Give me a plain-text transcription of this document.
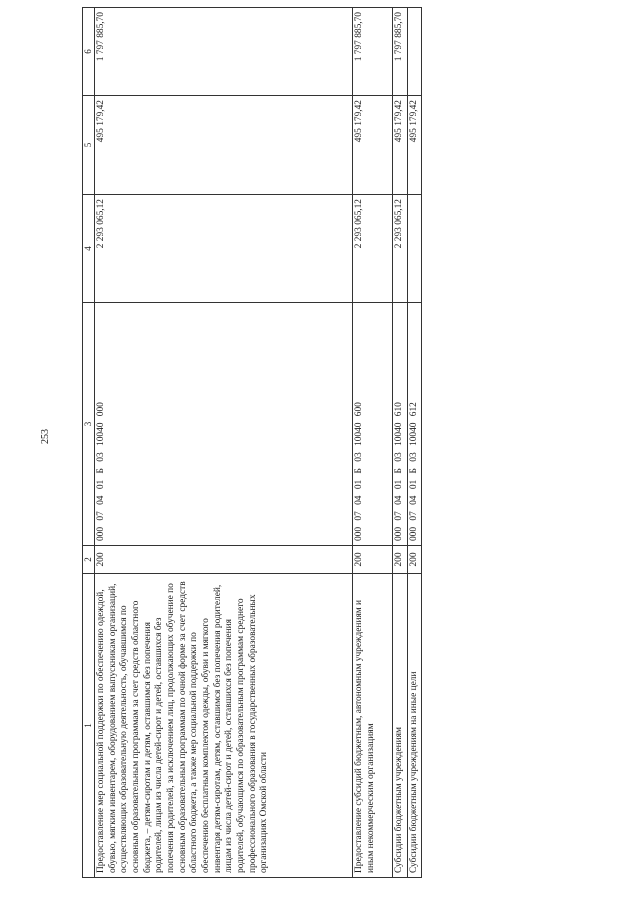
253
1	2	3	4	5	6
Предоставление мер социальной поддержки по обеспечению одеждой, обувью, мягким инвентарем, оборудованием выпускникам организаций, осуществляющих образовательную деятельность, обучавшимся по основным образовательным программам за счет средств областного бюджета, – детям-сиротам и детям, оставшимся без попечения родителей, лицам из числа детей-сирот и детей, оставшихся без попечения родителей, за исключением лиц, продолжающих обучение по основным образовательным программам по очной форме за счет средств областного бюджета, а также мер социальной поддержки по обеспечению бесплатным комплектом одежды, обуви и мягкого инвентаря детям-сиротам, детям, оставшимся без попечения родителей, лицам из числа детей-сирот и детей, оставшихся без попечения родителей, обучающимся по образовательным программам среднего профессионального образования в государственных образовательных организациях Омской области	200	000 07 04 01 Б 03 10040 000	2 293 065,12	495 179,42	1 797 885,70
Предоставление субсидий бюджетным, автономным учреждениям и иным некоммерческим организациям	200	000 07 04 01 Б 03 10040 600	2 293 065,12	495 179,42	1 797 885,70
Субсидии бюджетным учреждениям	200	000 07 04 01 Б 03 10040 610	2 293 065,12	495 179,42	1 797 885,70
Субсидии бюджетным учреждениям на иные цели	200	000 07 04 01 Б 03 10040 612		495 179,42	
